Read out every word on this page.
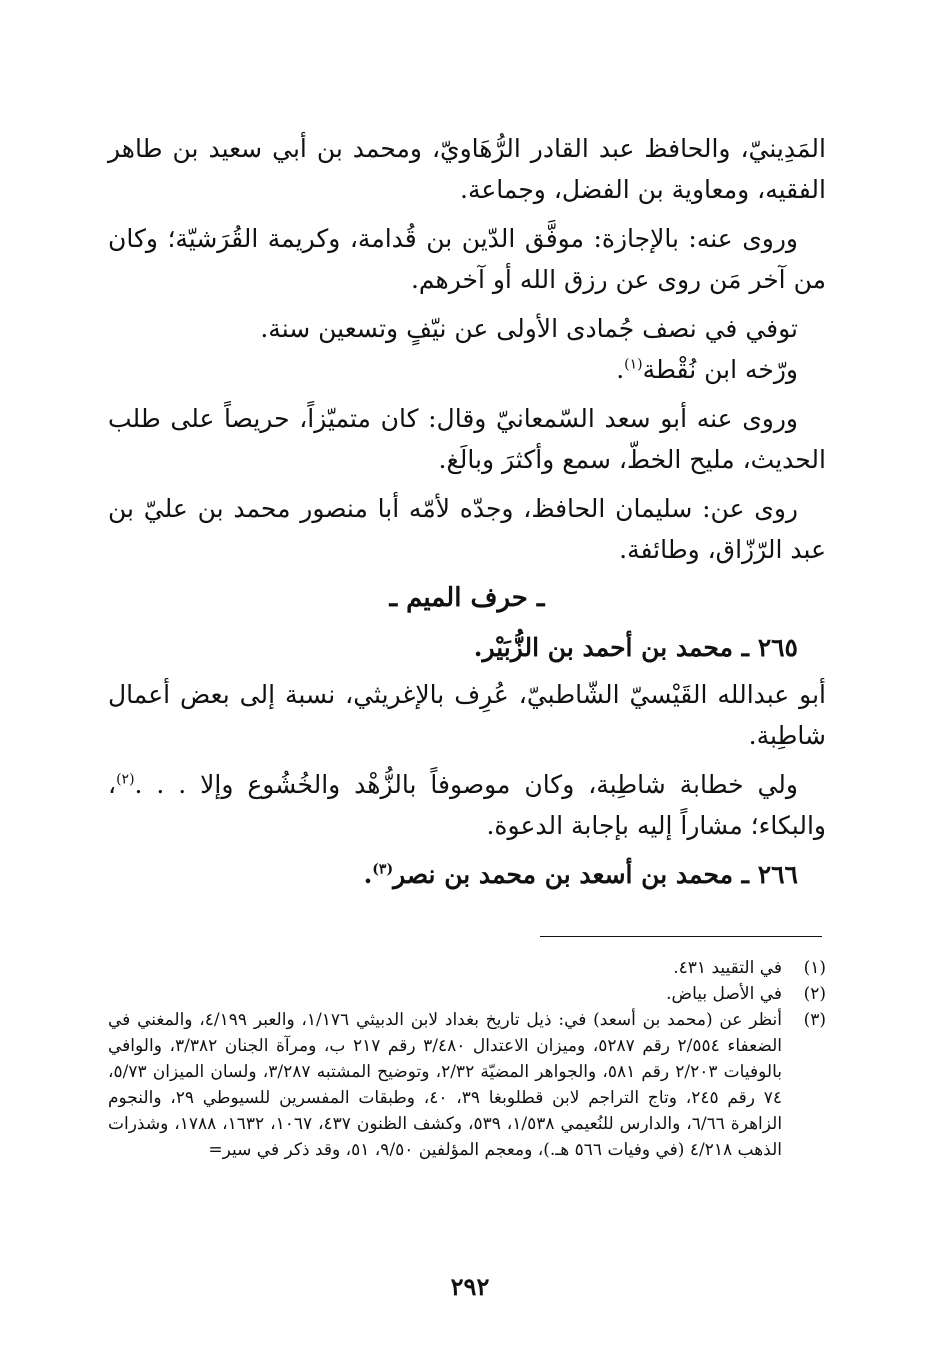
المَدِينيّ، والحافظ عبد القادر الرُّهَاويّ، ومحمد بن أبي سعيد بن طاهر الفقيه، ومعاوية بن الفضل، وجماعة.

وروى عنه: بالإجازة: موفَّق الدّين بن قُدامة، وكريمة القُرَشيّة؛ وكان من آخر مَن روى عن رزق الله أو آخرهم.

توفي في نصف جُمادى الأولى عن نيّفٍ وتسعين سنة.

ورّخه ابن نُقْطة$^{(١)}$.

وروى عنه أبو سعد السّمعانيّ وقال: كان متميّزاً، حريصاً على طلب الحديث، مليح الخطّ، سمع وأكثرَ وبالَغ.

روى عن: سليمان الحافظ، وجدّه لأمّه أبا منصور محمد بن عليّ بن عبد الرّزّاق، وطائفة.

ـ حرف الميم ـ

٢٦٥ ـ محمد بن أحمد بن الزُّبَيْر.

أبو عبدالله القَيْسيّ الشّاطبيّ، عُرِف بالإغريثي، نسبة إلى بعض أعمال شاطِبة.

ولي خطابة شاطِبة، وكان موصوفاً بالزُّهْد والخُشُوع وإلا . . .$^{(٢)}$، والبكاء؛ مشاراً إليه بإجابة الدعوة.

٢٦٦ ـ محمد بن أسعد بن محمد بن نصر$^{(٣)}$.

(١)
في التقييد ٤٣١.
(٢)
في الأصل بياض.
(٣)
أنظر عن (محمد بن أسعد) في: ذيل تاريخ بغداد لابن الدبيثي ١/١٧٦، والعبر ٤/١٩٩، والمغني في الضعفاء ٢/٥٥٤ رقم ٥٢٨٧، وميزان الاعتدال ٣/٤٨٠ رقم ٢١٧ ب، ومرآة الجنان ٣/٣٨٢، والوافي بالوفيات ٢/٢٠٣ رقم ٥٨١، والجواهر المضيّة ٢/٣٢، وتوضيح المشتبه ٣/٢٨٧، ولسان الميزان ٥/٧٣، ٧٤ رقم ٢٤٥، وتاج التراجم لابن قطلوبغا ٣٩، ٤٠، وطبقات المفسرين للسيوطي ٢٩، والنجوم الزاهرة ٦/٦٦، والدارس للنُعيمي ١/٥٣٨، ٥٣٩، وكشف الظنون ٤٣٧، ١٠٦٧، ١٦٣٢، ١٧٨٨، وشذرات الذهب ٤/٢١٨ (في وفيات ٥٦٦ هـ.)، ومعجم المؤلفين ٩/٥٠، ٥١، وقد ذكر في سير=
٢٩٢
